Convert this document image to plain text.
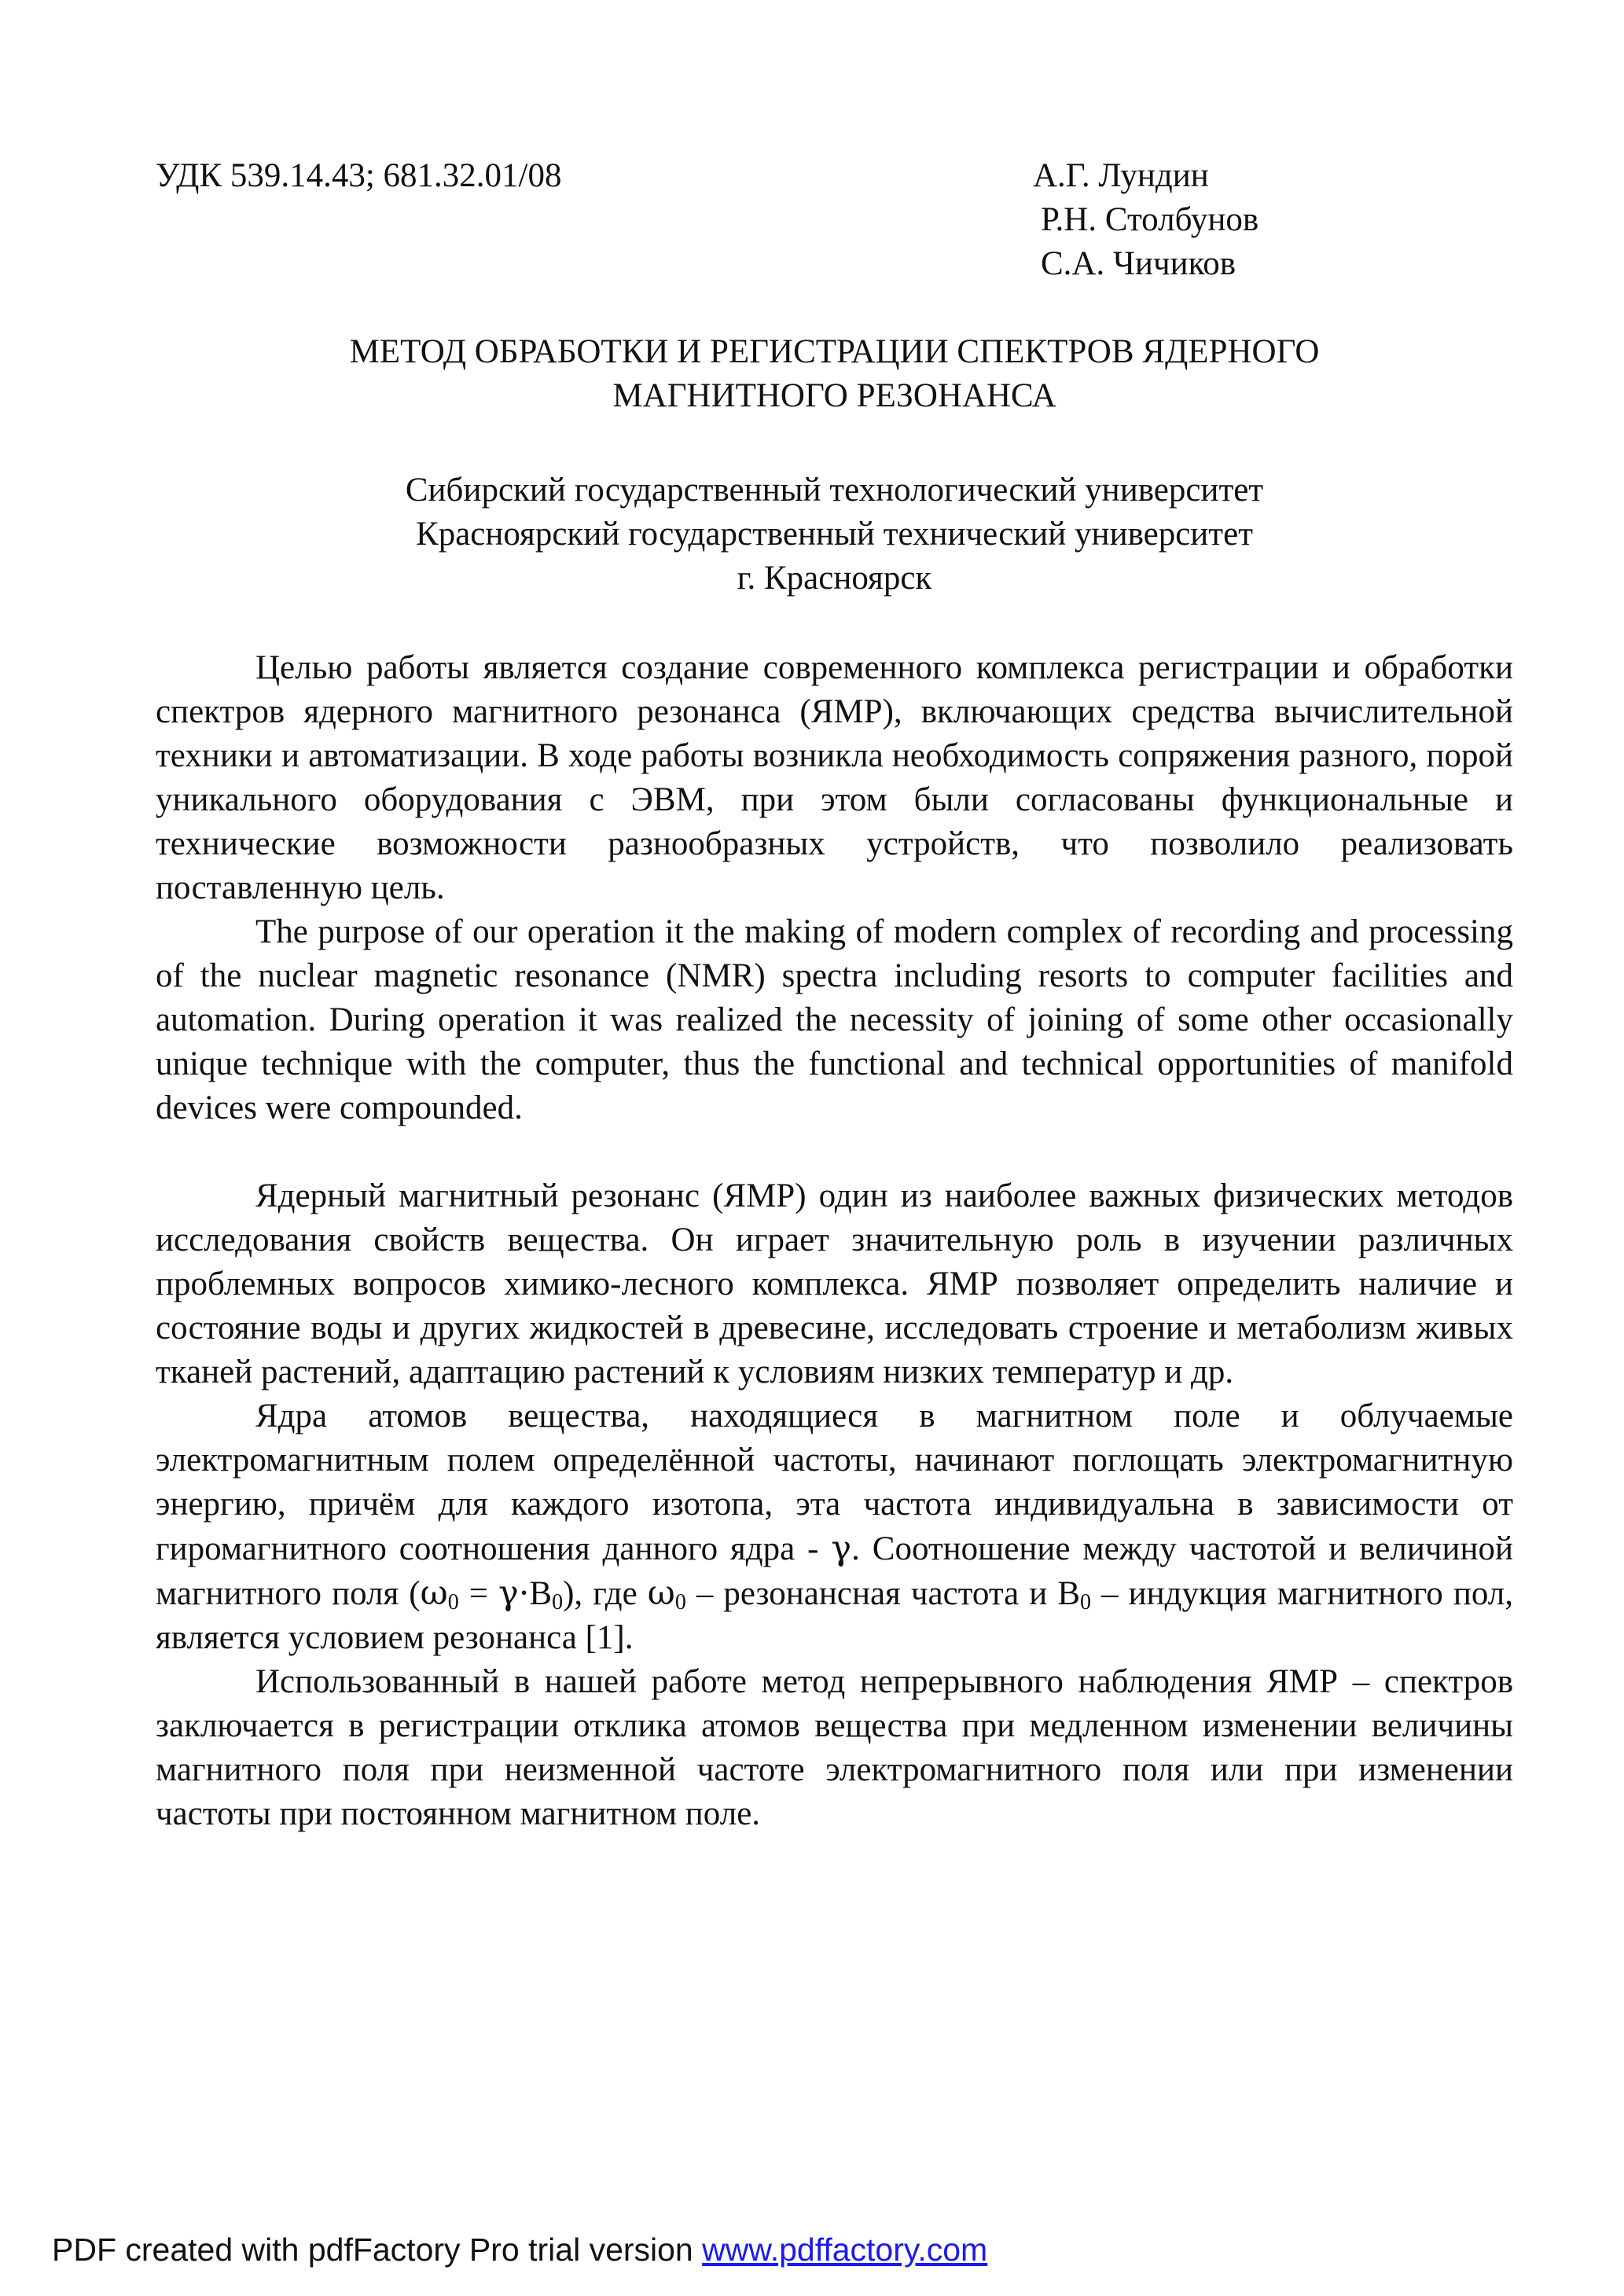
УДК 539.14.43; 681.32.01/08	А.Г. Лундин
Р.Н. Столбунов
С.А. Чичиков
МЕТОД ОБРАБОТКИ И РЕГИСТРАЦИИ СПЕКТРОВ ЯДЕРНОГО
МАГНИТНОГО РЕЗОНАНСА
Сибирский государственный технологический университет
Красноярский государственный технический университет
г. Красноярск

Целью работы является создание современного комплекса регистрации и обработки спектров ядерного магнитного резонанса (ЯМР), включающих средства вычислительной техники и автоматизации. В ходе работы возникла необходимость сопряжения разного, порой уникального оборудования с ЭВМ, при этом были согласованы функциональные и технические возможности разнообразных устройств, что позволило реализовать поставленную цель.

The purpose of our operation it the making of modern complex of recording and processing of the nuclear magnetic resonance (NMR) spectra including resorts to computer facilities and automation. During operation it was realized the necessity of joining of some other occasionally unique technique with the computer, thus the functional and technical opportunities of manifold devices were compounded.

Ядерный магнитный резонанс (ЯМР) один из наиболее важных физических методов исследования свойств вещества. Он играет значительную роль в изучении различных проблемных вопросов химико-лесного комплекса. ЯМР позволяет определить наличие и состояние воды и других жидкостей в древесине, исследовать строение и метаболизм живых тканей растений, адаптацию растений к условиям низких температур и др.

Ядра атомов вещества, находящиеся в магнитном поле и облучаемые электромагнитным полем определённой частоты, начинают поглощать электромагнитную энергию, причём для каждого изотопа, эта частота индивидуальна в зависимости от гиромагнитного соотношения данного ядра - γ. Соотношение между частотой и величиной магнитного поля $(\omega_0 = \gamma\cdot B_0)$, где $\omega_0$ – резонансная частота и $B_0$ – индукция магнитного пол, является условием резонанса [1].

Использованный в нашей работе метод непрерывного наблюдения ЯМР – спектров заключается в регистрации отклика атомов вещества при медленном изменении величины магнитного поля при неизменной частоте электромагнитного поля или при изменении частоты при постоянном магнитном поле.

PDF created with pdfFactory Pro trial version www.pdffactory.com
